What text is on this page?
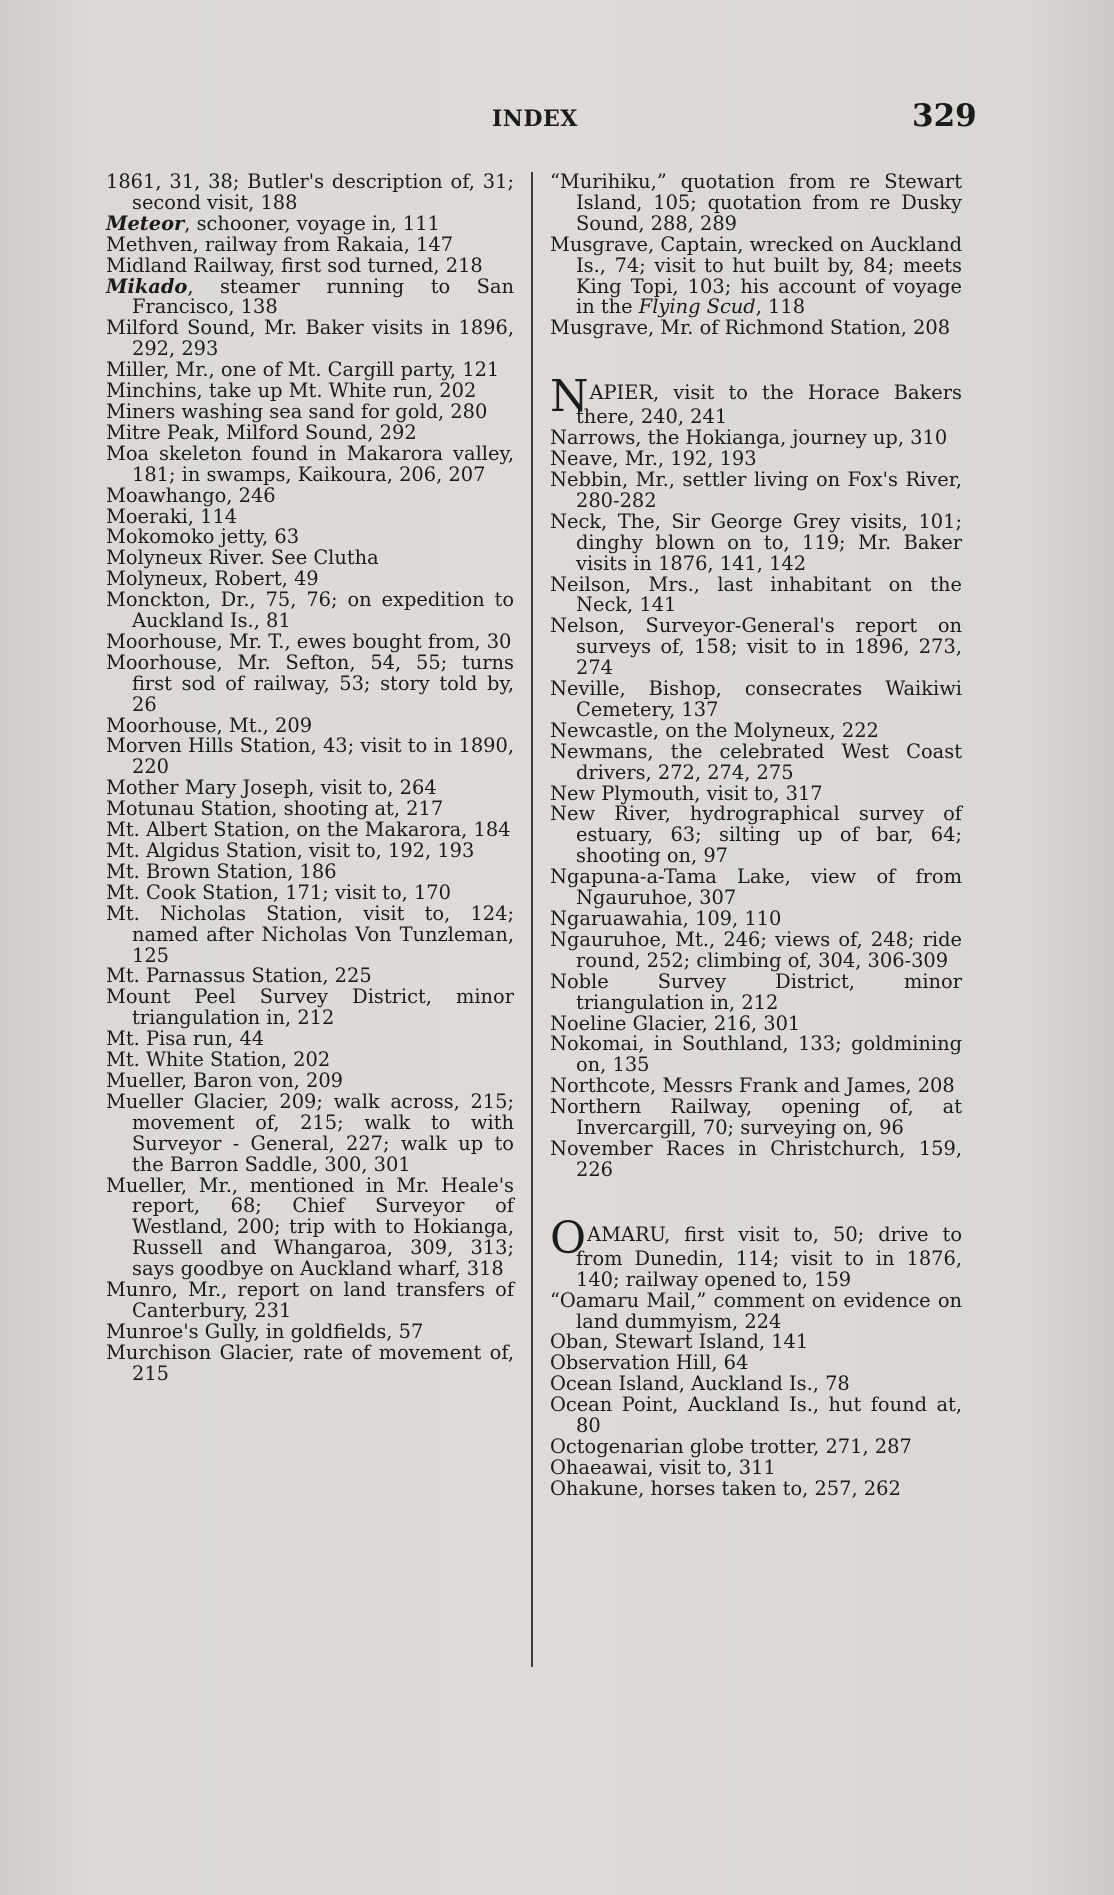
INDEX	329
1861, 31, 38; Butler's description of, 31; second visit, 188
Meteor, schooner, voyage in, 111
Methven, railway from Rakaia, 147
Midland Railway, first sod turned, 218
Mikado, steamer running to San Francisco, 138
Milford Sound, Mr. Baker visits in 1896, 292, 293
Miller, Mr., one of Mt. Cargill party, 121
Minchins, take up Mt. White run, 202
Miners washing sea sand for gold, 280
Mitre Peak, Milford Sound, 292
Moa skeleton found in Makarora valley, 181; in swamps, Kaikoura, 206, 207
Moawhango, 246
Moeraki, 114
Mokomoko jetty, 63
Molyneux River. See Clutha
Molyneux, Robert, 49
Monckton, Dr., 75, 76; on expedition to Auckland Is., 81
Moorhouse, Mr. T., ewes bought from, 30
Moorhouse, Mr. Sefton, 54, 55; turns first sod of railway, 53; story told by, 26
Moorhouse, Mt., 209
Morven Hills Station, 43; visit to in 1890, 220
Mother Mary Joseph, visit to, 264
Motunau Station, shooting at, 217
Mt. Albert Station, on the Makarora, 184
Mt. Algidus Station, visit to, 192, 193
Mt. Brown Station, 186
Mt. Cook Station, 171; visit to, 170
Mt. Nicholas Station, visit to, 124; named after Nicholas Von Tunzleman, 125
Mt. Parnassus Station, 225
Mount Peel Survey District, minor triangulation in, 212
Mt. Pisa run, 44
Mt. White Station, 202
Mueller, Baron von, 209
Mueller Glacier, 209; walk across, 215; movement of, 215; walk to with Surveyor - General, 227; walk up to the Barron Saddle, 300, 301
Mueller, Mr., mentioned in Mr. Heale's report, 68; Chief Surveyor of Westland, 200; trip with to Hokianga, Russell and Whangaroa, 309, 313; says goodbye on Auckland wharf, 318
Munro, Mr., report on land transfers of Canterbury, 231
Munroe's Gully, in goldfields, 57
Murchison Glacier, rate of movement of, 215
“Murihiku,” quotation from re Stewart Island, 105; quotation from re Dusky Sound, 288, 289
Musgrave, Captain, wrecked on Auckland Is., 74; visit to hut built by, 84; meets King Topi, 103; his account of voyage in the Flying Scud, 118
Musgrave, Mr. of Richmond Station, 208
NAPIER, visit to the Horace Bakers there, 240, 241
Narrows, the Hokianga, journey up, 310
Neave, Mr., 192, 193
Nebbin, Mr., settler living on Fox's River, 280-282
Neck, The, Sir George Grey visits, 101; dinghy blown on to, 119; Mr. Baker visits in 1876, 141, 142
Neilson, Mrs., last inhabitant on the Neck, 141
Nelson, Surveyor-General's report on surveys of, 158; visit to in 1896, 273, 274
Neville, Bishop, consecrates Waikiwi Cemetery, 137
Newcastle, on the Molyneux, 222
Newmans, the celebrated West Coast drivers, 272, 274, 275
New Plymouth, visit to, 317
New River, hydrographical survey of estuary, 63; silting up of bar, 64; shooting on, 97
Ngapuna-a-Tama Lake, view of from Ngauruhoe, 307
Ngaruawahia, 109, 110
Ngauruhoe, Mt., 246; views of, 248; ride round, 252; climbing of, 304, 306-309
Noble Survey District, minor triangulation in, 212
Noeline Glacier, 216, 301
Nokomai, in Southland, 133; goldmining on, 135
Northcote, Messrs Frank and James, 208
Northern Railway, opening of, at Invercargill, 70; surveying on, 96
November Races in Christchurch, 159, 226
OAMARU, first visit to, 50; drive to from Dunedin, 114; visit to in 1876, 140; railway opened to, 159
“Oamaru Mail,” comment on evidence on land dummyism, 224
Oban, Stewart Island, 141
Observation Hill, 64
Ocean Island, Auckland Is., 78
Ocean Point, Auckland Is., hut found at, 80
Octogenarian globe trotter, 271, 287
Ohaeawai, visit to, 311
Ohakune, horses taken to, 257, 262
